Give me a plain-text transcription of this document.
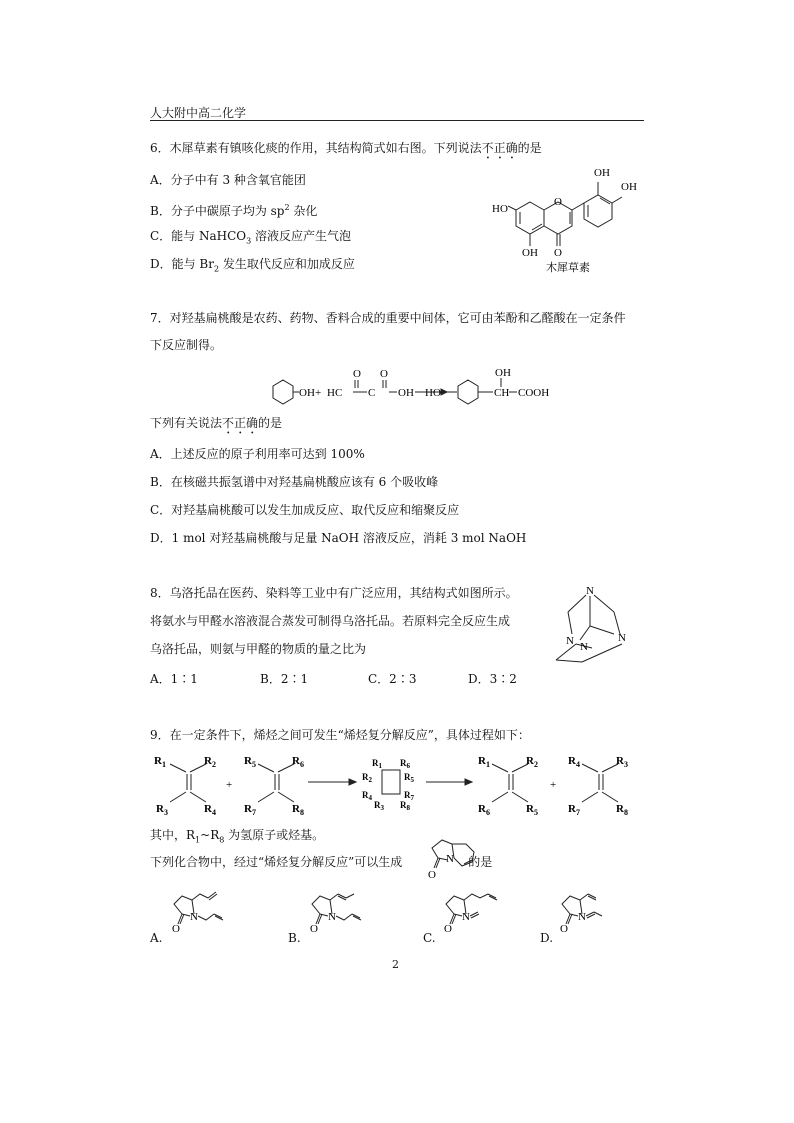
人大附中高二化学
6．木犀草素有镇咳化痰的作用，其结构简式如右图。下列说法不正确的是
A．分子中有 3 种含氧官能团
B．分子中碳原子均为 $sp^2$ 杂化
C．能与 NaHCO$_3$ 溶液反应产生气泡
D．能与 $Br_2$ 发生取代反应和加成反应
OH
OH
HO
O
O
OH
木犀草素
7．对羟基扁桃酸是农药、药物、香料合成的重要中间体，它可由苯酚和乙醛酸在一定条件
下反应制得。
OH +
O O
HC C OH HO
OH
CH COOH
下列有关说法不正确的是
A．上述反应的原子利用率可达到 100%
B．在核磁共振氢谱中对羟基扁桃酸应该有 6 个吸收峰
C．对羟基扁桃酸可以发生加成反应、取代反应和缩聚反应
D．1 mol 对羟基扁桃酸与足量 NaOH 溶液反应，消耗 3 mol NaOH
8．乌洛托品在医药、染料等工业中有广泛应用，其结构式如图所示。
将氨水与甲醛水溶液混合蒸发可制得乌洛托品。若原料完全反应生成
乌洛托品，则氨与甲醛的物质的量之比为
A．1∶1	B．2∶1	C．2∶3	D．3∶2
N
N	N
N
9．在一定条件下，烯烃之间可发生“烯烃复分解反应”，具体过程如下：
$R_1$	$R_2$
$R_3$	$R_4$
+
$R_5$	$R_6$
$R_7$	$R_8$
$R_1$ $R_6$
$R_2$	$R_5$
$R_4$	$R_7$
$R_3$ $R_8$
$R_1$	$R_2$
$R_6$	$R_5$
+
$R_4$	$R_3$
$R_7$	$R_8$
其中，$R_1\sim R_8$ 为氢原子或烃基。
下列化合物中，经过“烯烃复分解反应”可以生成	的是
N
O
A.	B.	C.	D.
N
O
N
O
N
O
N
O
2
